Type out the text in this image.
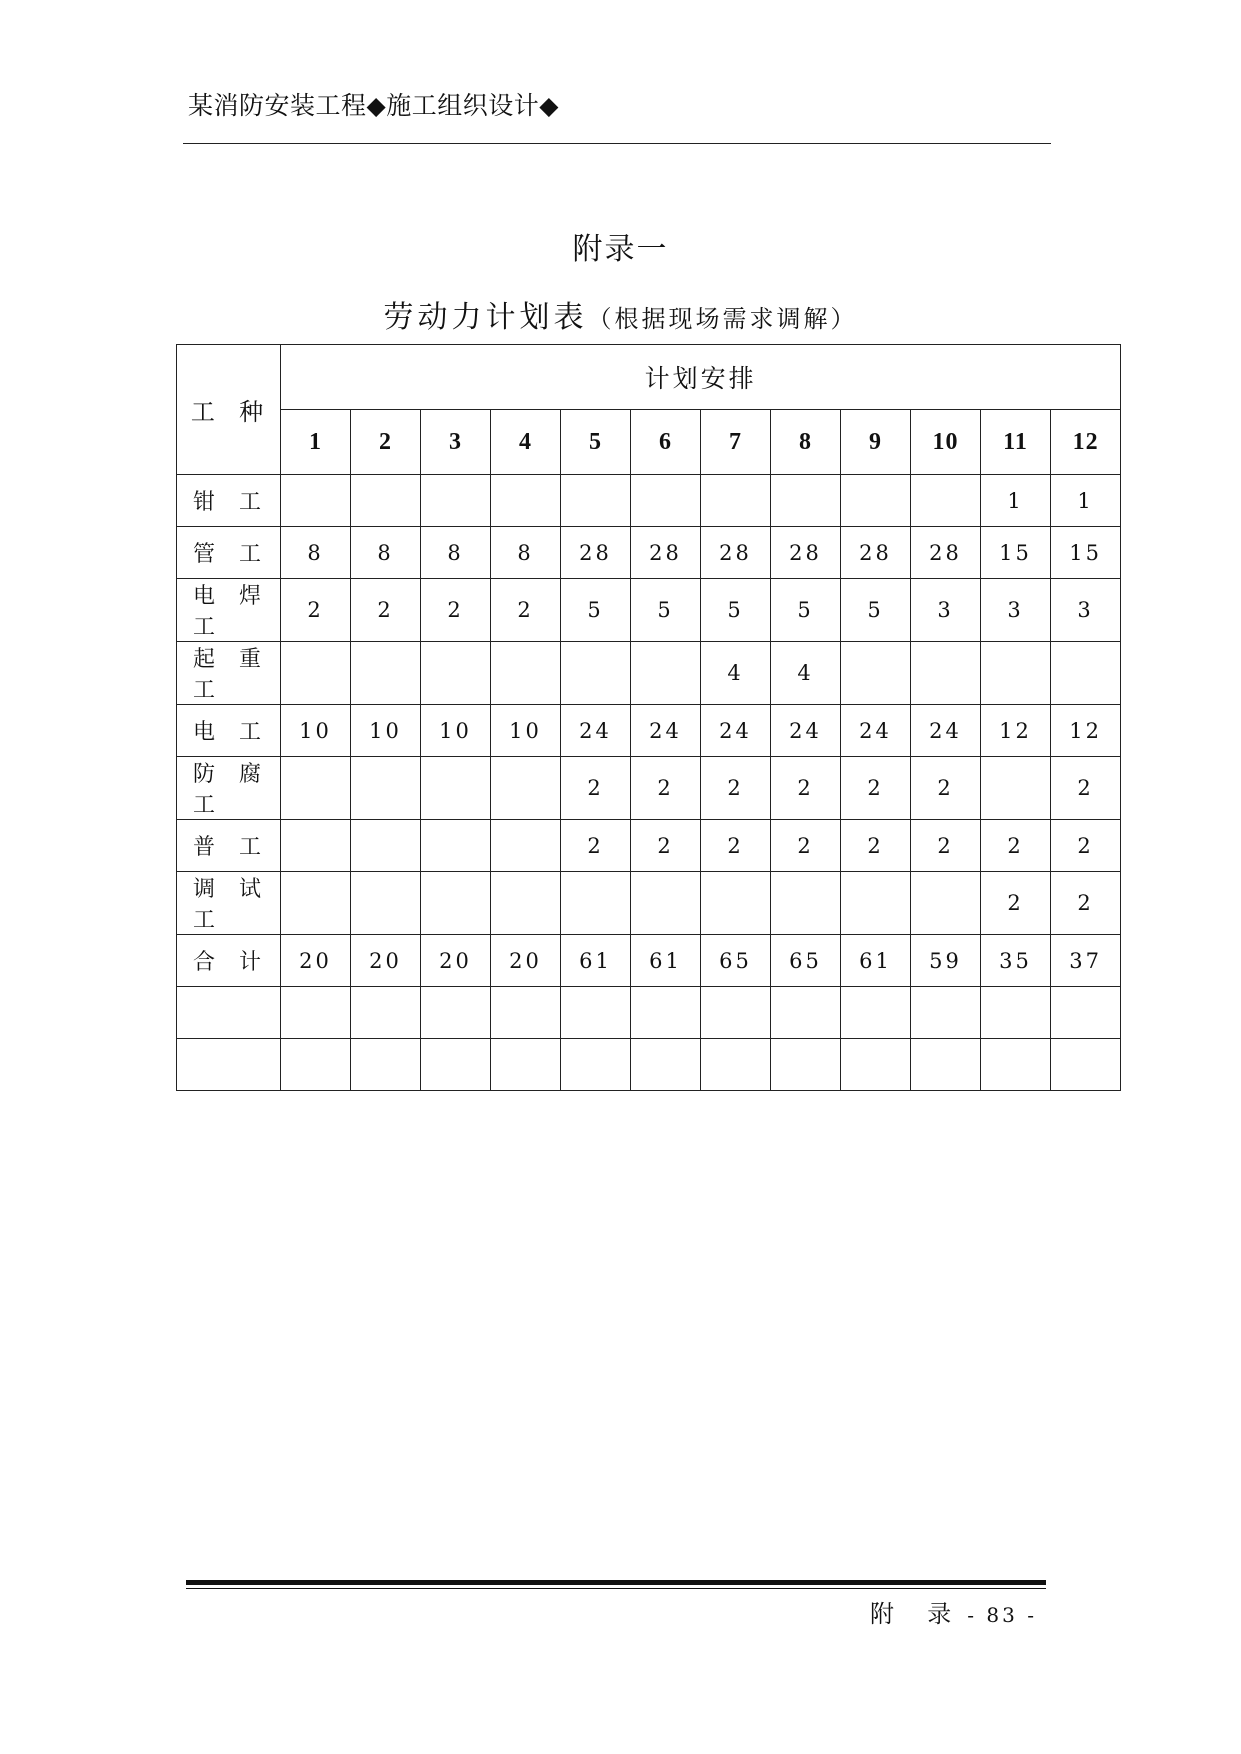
某消防安装工程◆施工组织设计◆
附录一
劳动力计划表（根据现场需求调解）
工  种	计划安排											
	1	2	3	4	5	6	7	8	9	10	11	12
钳 工											1	1
管 工	8	8	8	8	28	28	28	28	28	28	15	15
电焊工	2	2	2	2	5	5	5	5	5	3	3	3
起重工							4	4				
电 工	10	10	10	10	24	24	24	24	24	24	12	12
防腐工					2	2	2	2	2	2		2
普 工					2	2	2	2	2	2	2	2
调试工											2	2
合 计	20	20	20	20	61	61	65	65	61	59	35	37

附  录 - 83 -
